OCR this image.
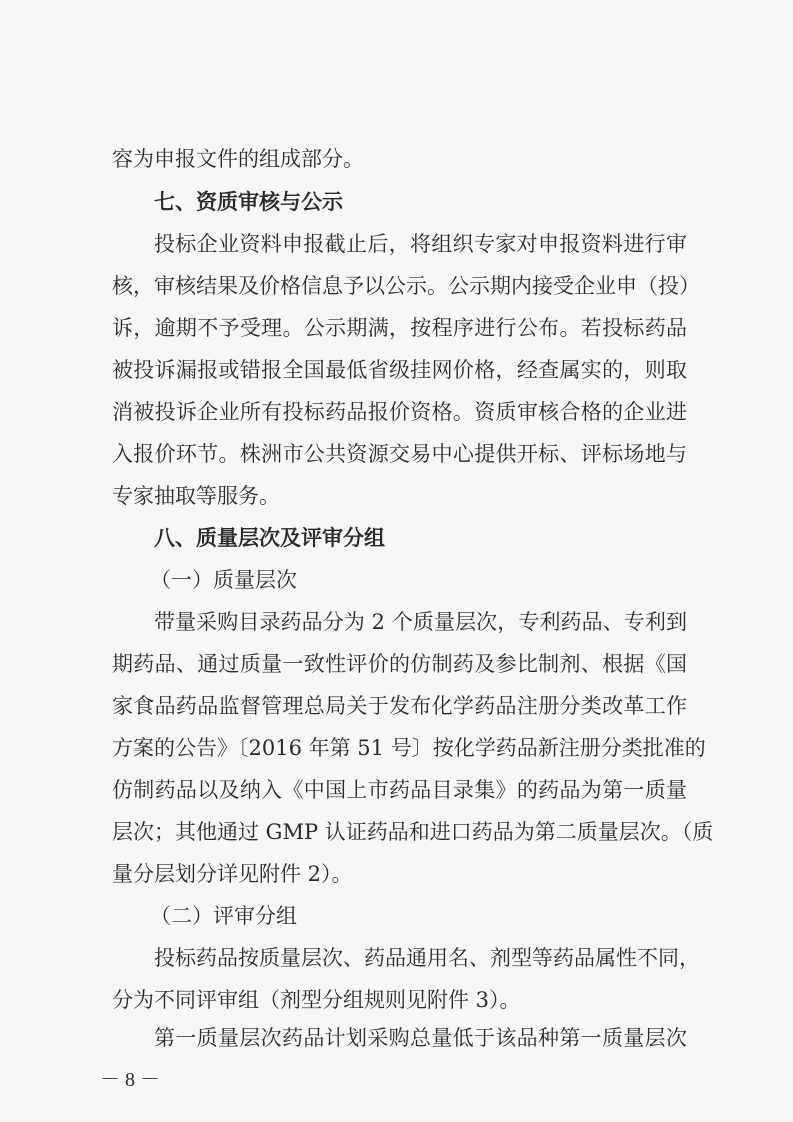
容为申报文件的组成部分。
七、资质审核与公示
投标企业资料申报截止后，将组织专家对申报资料进行审
核，审核结果及价格信息予以公示。公示期内接受企业申（投）
诉，逾期不予受理。公示期满，按程序进行公布。若投标药品
被投诉漏报或错报全国最低省级挂网价格，经查属实的，则取
消被投诉企业所有投标药品报价资格。资质审核合格的企业进
入报价环节。株洲市公共资源交易中心提供开标、评标场地与
专家抽取等服务。
八、质量层次及评审分组
（一）质量层次
带量采购目录药品分为 2 个质量层次，专利药品、专利到
期药品、通过质量一致性评价的仿制药及参比制剂、根据《国
家食品药品监督管理总局关于发布化学药品注册分类改革工作
方案的公告》〔2016 年第 51 号〕按化学药品新注册分类批准的
仿制药品以及纳入《中国上市药品目录集》的药品为第一质量
层次；其他通过 GMP 认证药品和进口药品为第二质量层次。（质
量分层划分详见附件 2）。
（二）评审分组
投标药品按质量层次、药品通用名、剂型等药品属性不同，
分为不同评审组（剂型分组规则见附件 3）。
第一质量层次药品计划采购总量低于该品种第一质量层次
－ 8 －
